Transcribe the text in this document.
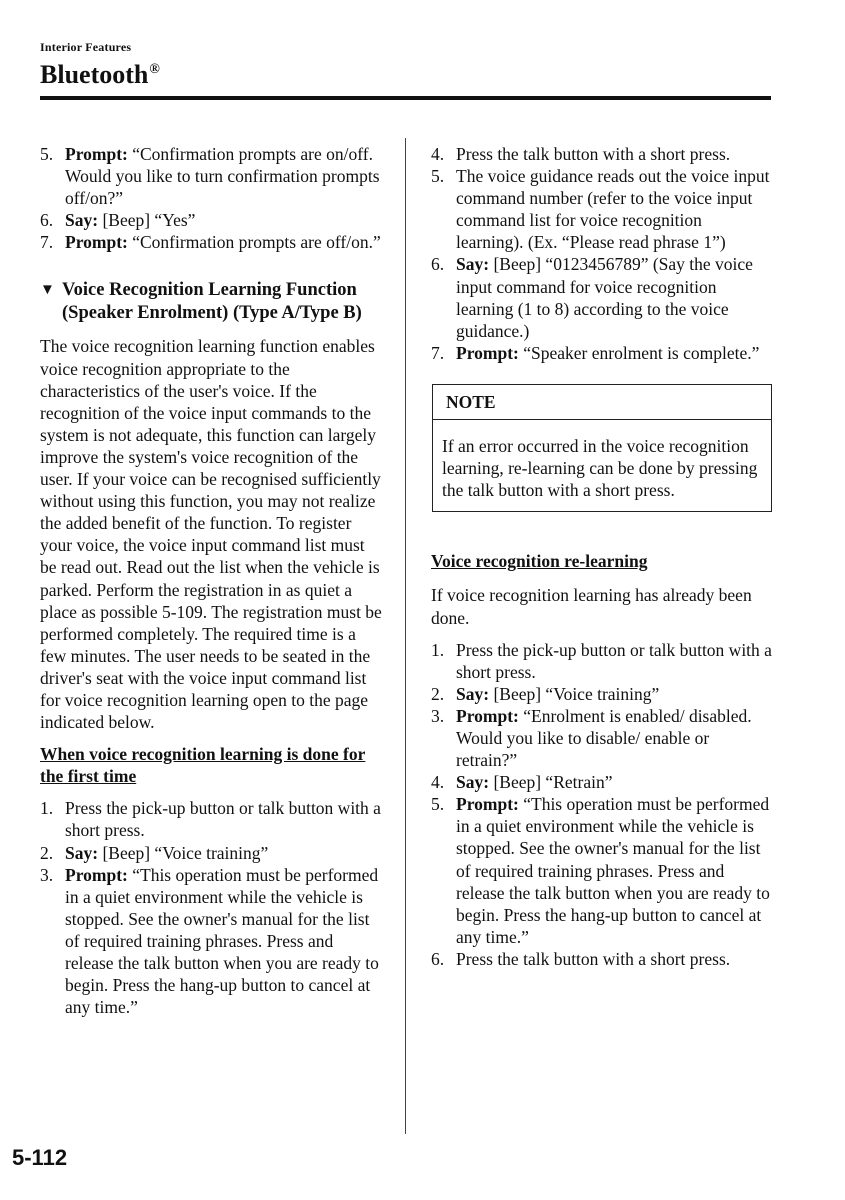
Interior Features
Bluetooth®
5. Prompt: “Confirmation prompts are on/off. Would you like to turn confirmation prompts off/on?”
6. Say: [Beep] “Yes”
7. Prompt: “Confirmation prompts are off/on.”
▼ Voice Recognition Learning Function (Speaker Enrolment) (Type A/Type B)

The voice recognition learning function enables voice recognition appropriate to the characteristics of the user's voice. If the recognition of the voice input commands to the system is not adequate, this function can largely improve the system's voice recognition of the user. If your voice can be recognised sufficiently without using this function, you may not realize the added benefit of the function. To register your voice, the voice input command list must be read out. Read out the list when the vehicle is parked. Perform the registration in as quiet a place as possible 5-109. The registration must be performed completely. The required time is a few minutes. The user needs to be seated in the driver's seat with the voice input command list for voice recognition learning open to the page indicated below.

When voice recognition learning is done for the first time
1. Press the pick-up button or talk button with a short press.
2. Say: [Beep] “Voice training”
3. Prompt: “This operation must be performed in a quiet environment while the vehicle is stopped. See the owner's manual for the list of required training phrases. Press and release the talk button when you are ready to begin. Press the hang-up button to cancel at any time.”
4. Press the talk button with a short press.
5. The voice guidance reads out the voice input command number (refer to the voice input command list for voice recognition learning). (Ex. “Please read phrase 1”)
6. Say: [Beep] “0123456789” (Say the voice input command for voice recognition learning (1 to 8) according to the voice guidance.)
7. Prompt: “Speaker enrolment is complete.”
NOTE
If an error occurred in the voice recognition learning, re-learning can be done by pressing the talk button with a short press.
Voice recognition re-learning

If voice recognition learning has already been done.

1. Press the pick-up button or talk button with a short press.
2. Say: [Beep] “Voice training”
3. Prompt: “Enrolment is enabled/ disabled. Would you like to disable/ enable or retrain?”
4. Say: [Beep] “Retrain”
5. Prompt: “This operation must be performed in a quiet environment while the vehicle is stopped. See the owner's manual for the list of required training phrases. Press and release the talk button when you are ready to begin. Press the hang-up button to cancel at any time.”
6. Press the talk button with a short press.
5-112
